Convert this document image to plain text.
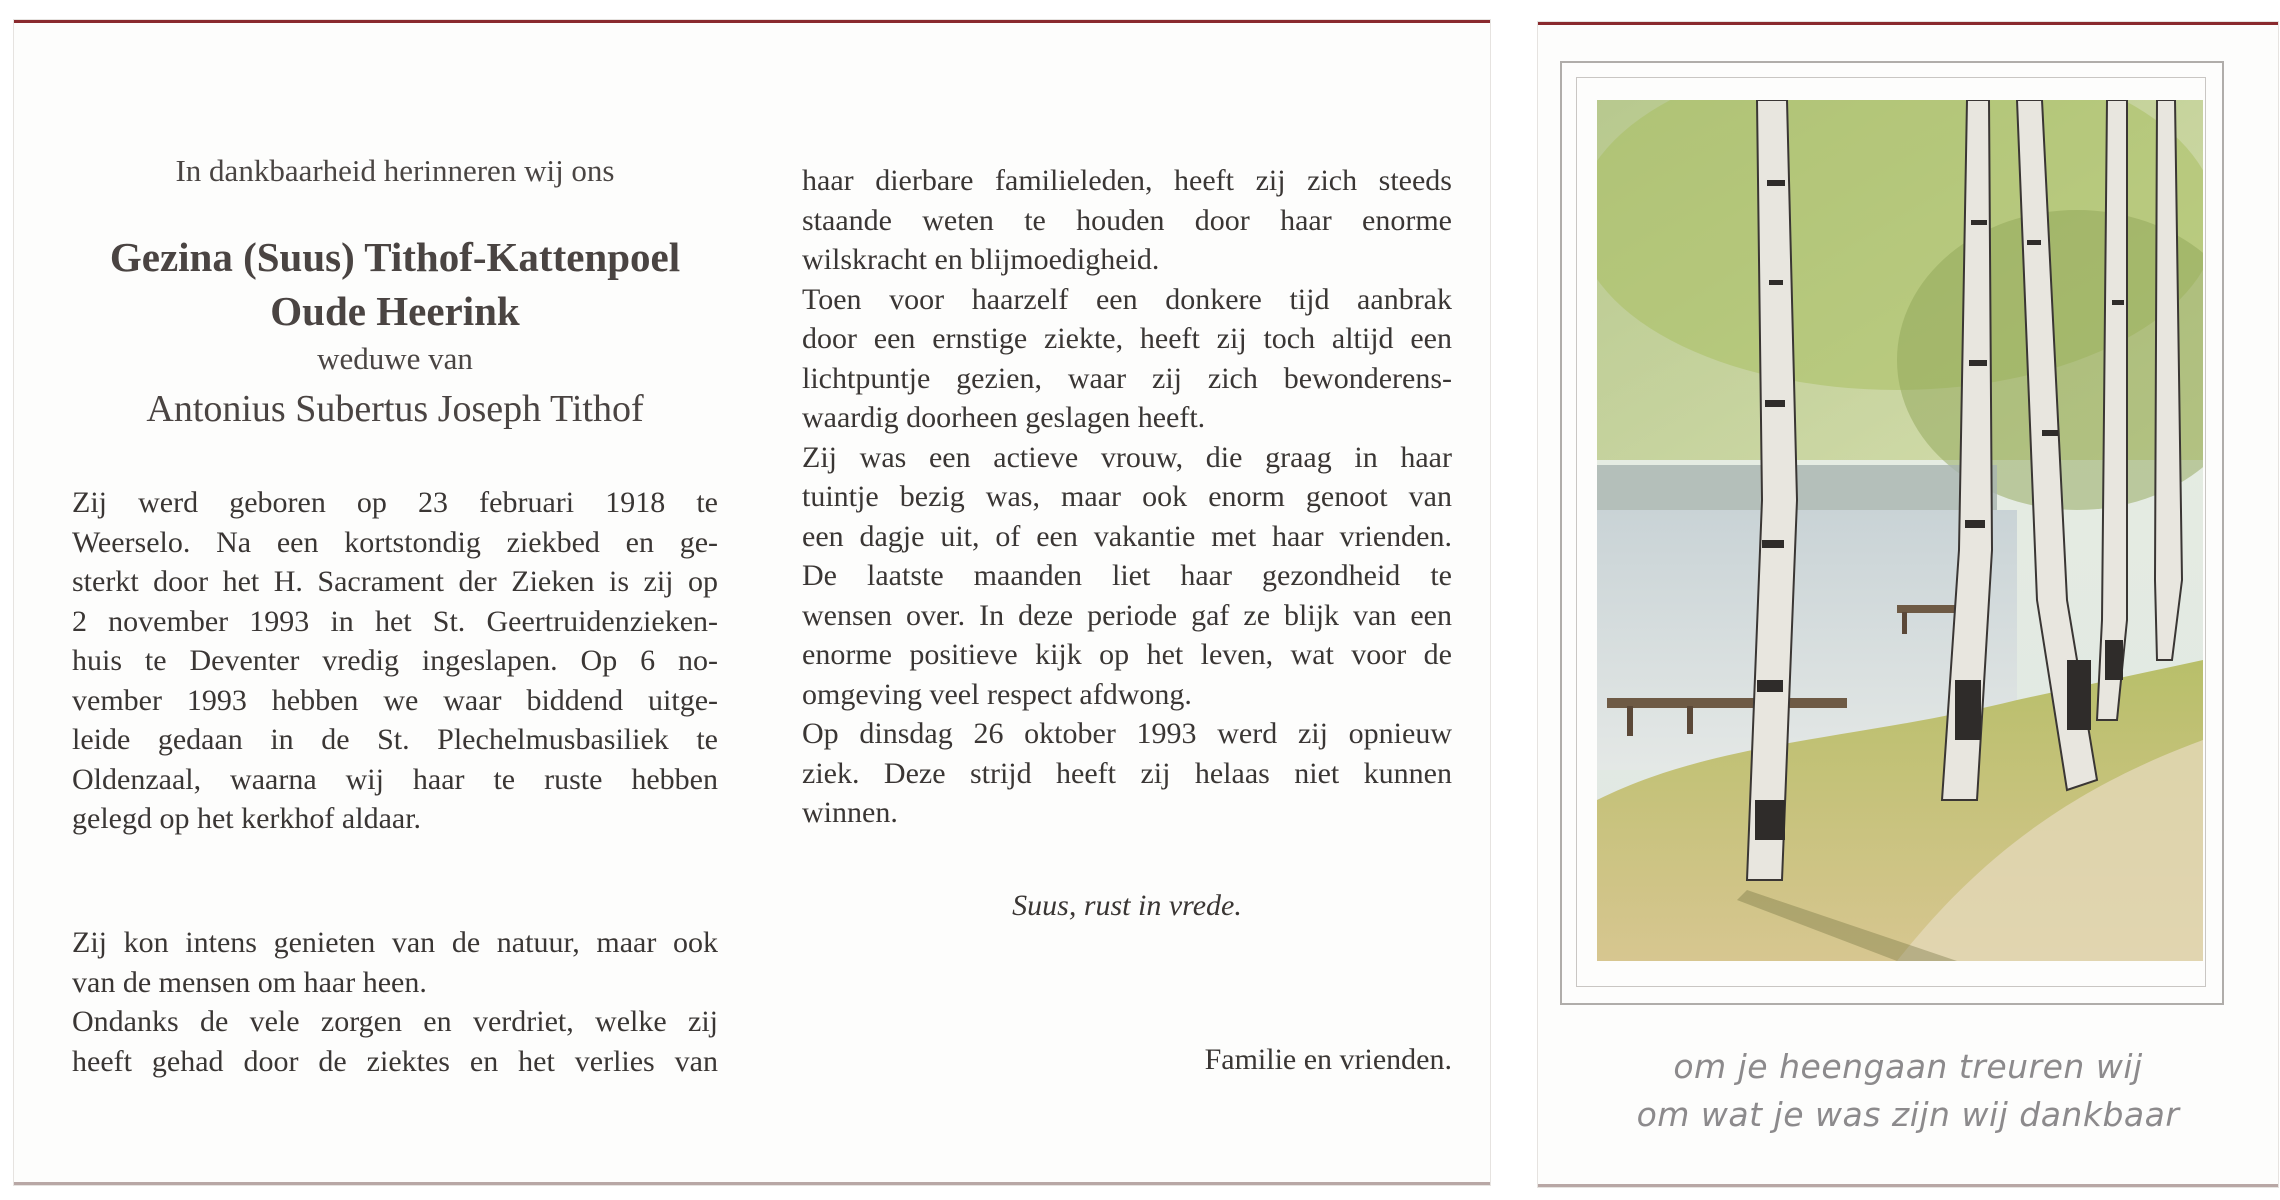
In dankbaarheid herinneren wij ons
Gezina (Suus) Tithof-Kattenpoel
Oude Heerink
weduwe van
Antonius Subertus Joseph Tithof
Zij werd geboren op 23 februari 1918 te
Weerselo. Na een kortstondig ziekbed en ge-
sterkt door het H. Sacrament der Zieken is zij op
2 november 1993 in het St. Geertruidenzieken-
huis te Deventer vredig ingeslapen. Op 6 no-
vember 1993 hebben we waar biddend uitge-
leide gedaan in de St. Plechelmusbasiliek te
Oldenzaal, waarna wij haar te ruste hebben
gelegd op het kerkhof aldaar.
Zij kon intens genieten van de natuur, maar ook
van de mensen om haar heen.
Ondanks de vele zorgen en verdriet, welke zij
heeft gehad door de ziektes en het verlies van
haar dierbare familieleden, heeft zij zich steeds
staande weten te houden door haar enorme
wilskracht en blijmoedigheid.
Toen voor haarzelf een donkere tijd aanbrak
door een ernstige ziekte, heeft zij toch altijd een
lichtpuntje gezien, waar zij zich bewonderens-
waardig doorheen geslagen heeft.
Zij was een actieve vrouw, die graag in haar
tuintje bezig was, maar ook enorm genoot van
een dagje uit, of een vakantie met haar vrienden.
De laatste maanden liet haar gezondheid te
wensen over. In deze periode gaf ze blijk van een
enorme positieve kijk op het leven, wat voor de
omgeving veel respect afdwong.
Op dinsdag 26 oktober 1993 werd zij opnieuw
ziek. Deze strijd heeft zij helaas niet kunnen
winnen.
Suus, rust in vrede.
Familie en vrienden.	om je heengaan treuren wij
om wat je was zijn wij dankbaar
